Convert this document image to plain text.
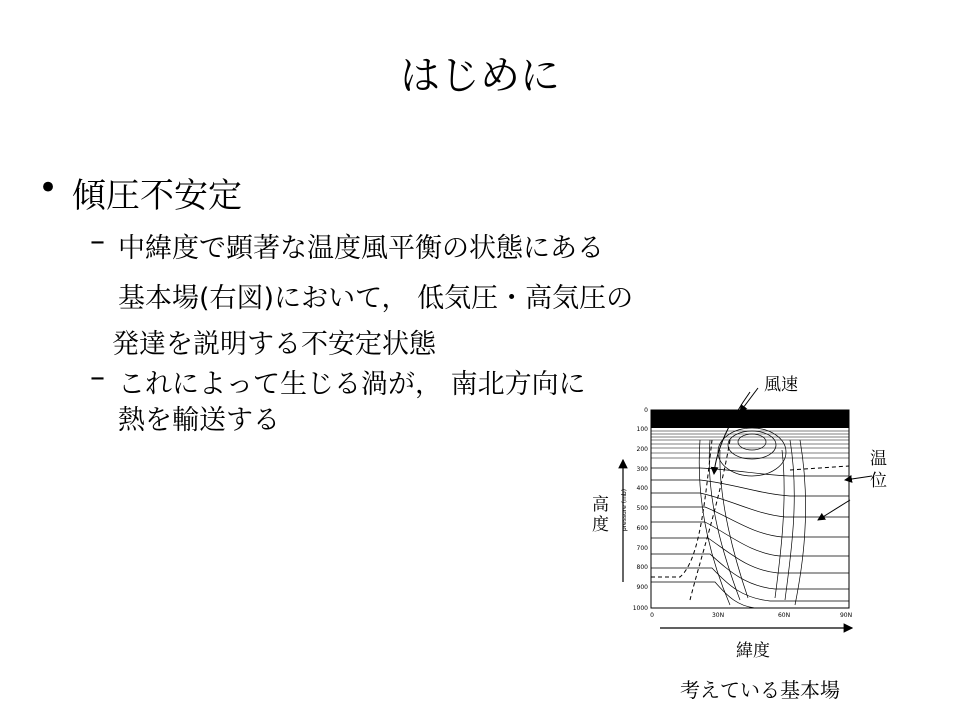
はじめに
• 傾圧不安定
– 中緯度で顕著な温度風平衡の状態にある
基本場(右図)において， 低気圧・高気圧の
発達を説明する不安定状態
– これによって生じる渦が， 南北方向に
熱を輸送する
風速
温
位
高
度
緯度
考えている基本場
0
100
200
300
400
500
600
700
800
900
1000
pressure (mb)
0	30N	60N	90N
